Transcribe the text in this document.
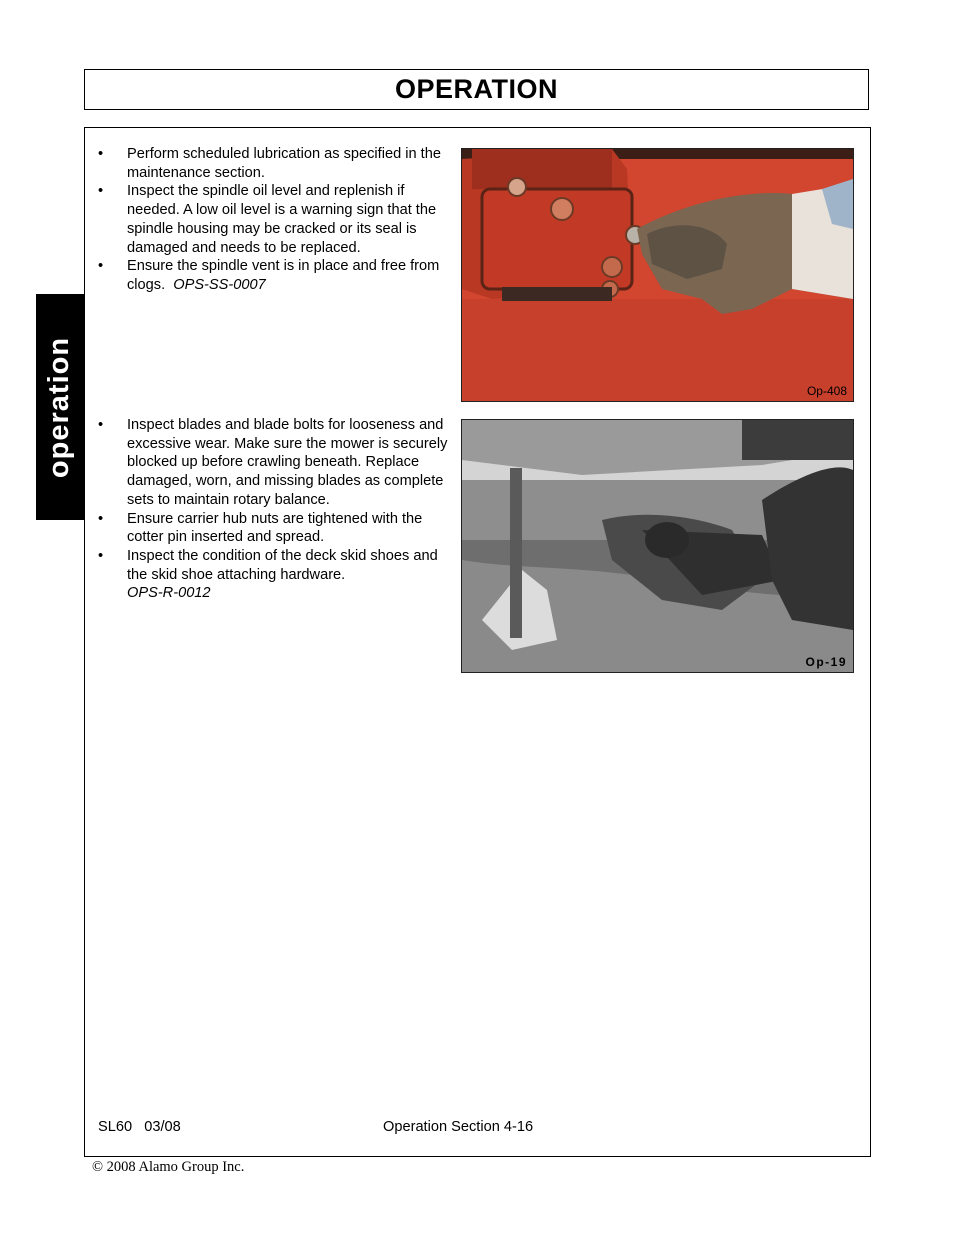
OPERATION
operation
• Perform scheduled lubrication as specified in the maintenance section.
• Inspect the spindle oil level and replenish if needed. A low oil level is a warning sign that the spindle housing may be cracked or its seal is damaged and needs to be replaced.
• Ensure the spindle vent is in place and free from clogs. OPS-SS-0007
Op-408
• Inspect blades and blade bolts for looseness and excessive wear. Make sure the mower is securely blocked up before crawling beneath. Replace damaged, worn, and missing blades as complete sets to maintain rotary balance.
• Ensure carrier hub nuts are tightened with the cotter pin inserted and spread.
• Inspect the condition of the deck skid shoes and the skid shoe attaching hardware.
OPS-R-0012
Op-19
SL60   03/08	Operation Section 4-16
© 2008 Alamo Group Inc.
